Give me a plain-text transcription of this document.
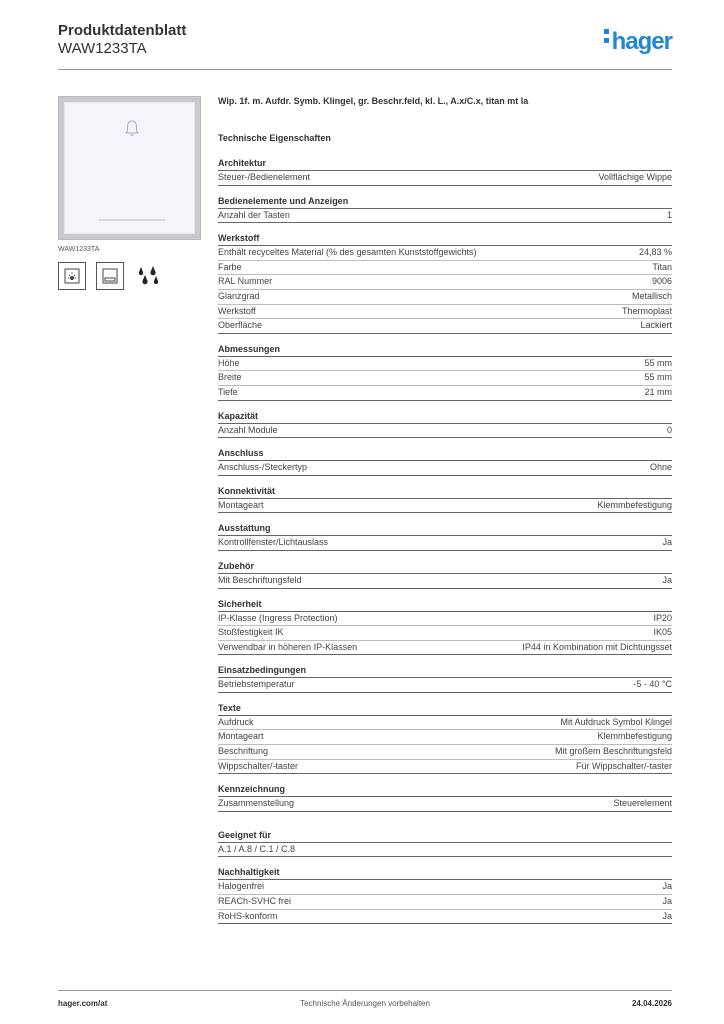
Produktdatenblatt
WAW1233TA	hager
WAW1233TA
Wip. 1f. m. Aufdr. Symb. Klingel, gr. Beschr.feld, kl. L., A.x/C.x, titan mt la
Technische Eigenschaften
Architektur
Steuer-/Bedienelement	Vollflächige Wippe
Bedienelemente und Anzeigen
Anzahl der Tasten	1
Werkstoff
Enthält recyceltes Material (% des gesamten Kunststoffgewichts)	24,83 %
Farbe	Titan
RAL Nummer	9006
Glanzgrad	Metallisch
Werkstoff	Thermoplast
Oberfläche	Lackiert
Abmessungen
Höhe	55 mm
Breite	55 mm
Tiefe	21 mm
Kapazität
Anzahl Module	0
Anschluss
Anschluss-/Steckertyp	Ohne
Konnektivität
Montageart	Klemmbefestigung
Ausstattung
Kontrollfenster/Lichtauslass	Ja
Zubehör
Mit Beschriftungsfeld	Ja
Sicherheit
IP-Klasse (Ingress Protection)	IP20
Stoßfestigkeit IK	IK05
Verwendbar in höheren IP-Klassen	IP44 in Kombination mit Dichtungsset
Einsatzbedingungen
Betriebstemperatur	-5 - 40 °C
Texte
Aufdruck	Mit Aufdruck Symbol Klingel
Montageart	Klemmbefestigung
Beschriftung	Mit großem Beschriftungsfeld
Wippschalter/-taster	Für Wippschalter/-taster
Kennzeichnung
Zusammenstellung	Steuerelement
Geeignet für
A.1 / A.8 / C.1 / C.8
Nachhaltigkeit
Halogenfrei	Ja
REACh-SVHC frei	Ja
RoHS-konform	Ja
hager.com/at	Technische Änderungen vorbehalten	24.04.2026
